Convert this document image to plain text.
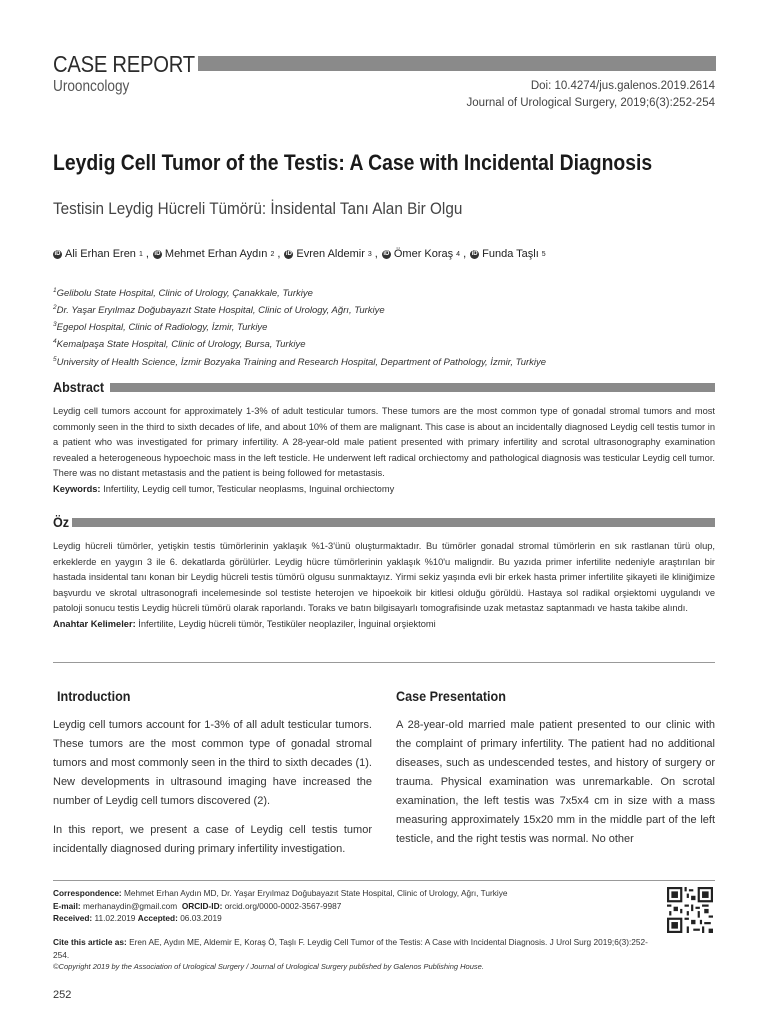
CASE REPORT
Urooncology	Doi: 10.4274/jus.galenos.2019.2614
Journal of Urological Surgery, 2019;6(3):252-254
Leydig Cell Tumor of the Testis: A Case with Incidental Diagnosis
Testisin Leydig Hücreli Tümörü: İnsidental Tanı Alan Bir Olgu
iD Ali Erhan Eren 1 , iD Mehmet Erhan Aydın 2 , iD Evren Aldemir 3 , iD Ömer Koraş 4 , iD Funda Taşlı 5
$^1$Gelibolu State Hospital, Clinic of Urology, Çanakkale, Turkiye
$^2$Dr. Yaşar Eryılmaz Doğubayazıt State Hospital, Clinic of Urology, Ağrı, Turkiye
$^3$Egepol Hospital, Clinic of Radiology, İzmir, Turkiye
$^4$Kemalpaşa State Hospital, Clinic of Urology, Bursa, Turkiye
$^5$University of Health Science, İzmir Bozyaka Training and Research Hospital, Department of Pathology, İzmir, Turkiye
Abstract
Leydig cell tumors account for approximately 1-3% of adult testicular tumors. These tumors are the most common type of gonadal stromal tumors and most commonly seen in the third to sixth decades of life, and about 10% of them are malignant. This case is about an incidentally diagnosed Leydig cell testis tumor in a patient who was investigated for primary infertility. A 28-year-old male patient presented with primary infertility and scrotal ultrasonography examination revealed a heterogeneous hypoechoic mass in the left testicle. He underwent left radical orchiectomy and pathological diagnosis was testicular Leydig cell tumor. There was no distant metastasis and the patient is being followed for metastasis.
Keywords: Infertility, Leydig cell tumor, Testicular neoplasms, Inguinal orchiectomy
Öz
Leydig hücreli tümörler, yetişkin testis tümörlerinin yaklaşık %1-3'ünü oluşturmaktadır. Bu tümörler gonadal stromal tümörlerin en sık rastlanan türü olup, erkeklerde en yaygın 3 ile 6. dekatlarda görülürler. Leydig hücre tümörlerinin yaklaşık %10'u maligndir. Bu yazıda primer infertilite nedeniyle araştırılan bir hastada insidental tanı konan bir Leydig hücreli testis tümörü olgusu sunmaktayız. Yirmi sekiz yaşında evli bir erkek hasta primer infertilite şikayeti ile kliniğimize başvurdu ve skrotal ultrasonografi incelemesinde sol testiste heterojen ve hipoekoik bir kitlesi olduğu görüldü. Hastaya sol radikal orşiektomi uygulandı ve patoloji sonucu testis Leydig hücreli tümörü olarak raporlandı. Toraks ve batın bilgisayarlı tomografisinde uzak metastaz saptanmadı ve hasta takibe alındı.
Anahtar Kelimeler: İnfertilite, Leydig hücreli tümör, Testiküler neoplaziler, İnguinal orşiektomi
Introduction

Leydig cell tumors account for 1-3% of all adult testicular tumors. These tumors are the most common type of gonadal stromal tumors and most commonly seen in the third to sixth decades (1). New developments in ultrasound imaging have increased the number of Leydig cell tumors discovered (2).

In this report, we present a case of Leydig cell testis tumor incidentally diagnosed during primary infertility investigation.

Case Presentation

A 28-year-old married male patient presented to our clinic with the complaint of primary infertility. The patient had no additional diseases, such as undescended testes, and history of surgery or trauma. Physical examination was unremarkable. On scrotal examination, the left testis was 7x5x4 cm in size with a mass measuring approximately 15x20 mm in the middle part of the left testicle, and the right testis was normal. No other

Correspondence: Mehmet Erhan Aydın MD, Dr. Yaşar Eryılmaz Doğubayazıt State Hospital, Clinic of Urology, Ağrı, Turkiye
E-mail: merhanaydin@gmail.com ORCID-ID: orcid.org/0000-0002-3567-9987
Received: 11.02.2019 Accepted: 06.03.2019
Cite this article as: Eren AE, Aydın ME, Aldemir E, Koraş Ö, Taşlı F. Leydig Cell Tumor of the Testis: A Case with Incidental Diagnosis. J Urol Surg 2019;6(3):252-254.
©Copyright 2019 by the Association of Urological Surgery / Journal of Urological Surgery published by Galenos Publishing House.
252
